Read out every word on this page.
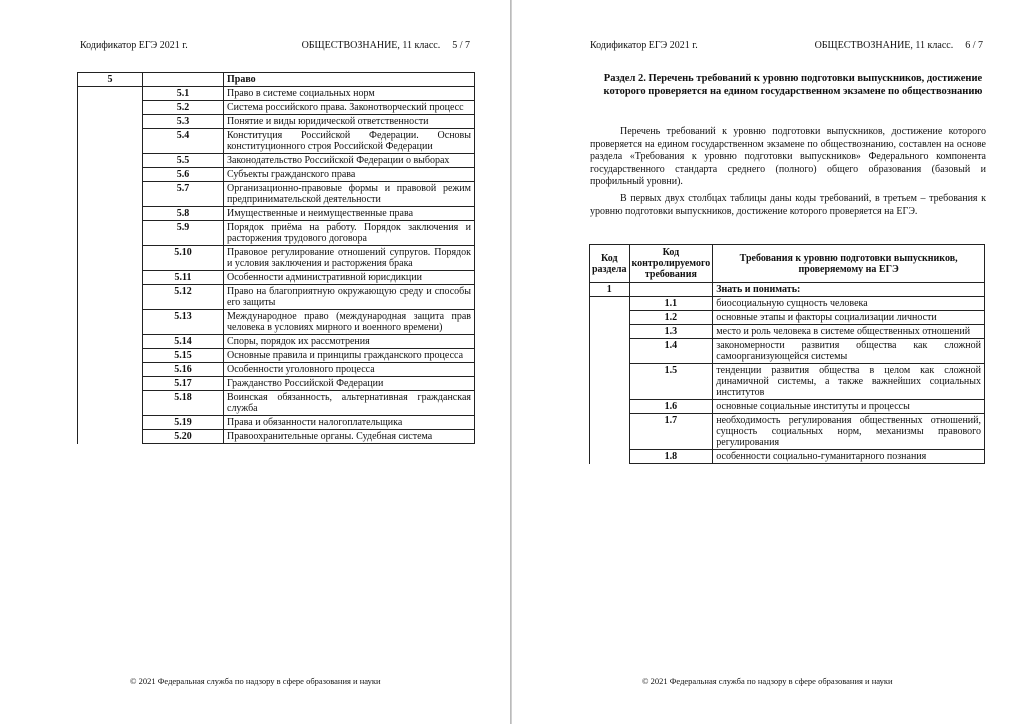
Кодификатор ЕГЭ 2021 г.	ОБЩЕСТВОЗНАНИЕ, 11 класс. 5 / 7
5		Право
	5.1	Право в системе социальных норм
	5.2	Система российского права. Законотворческий процесс
	5.3	Понятие и виды юридической ответственности
	5.4	Конституция Российской Федерации. Основы конституционного строя Российской Федерации
	5.5	Законодательство Российской Федерации о выборах
	5.6	Субъекты гражданского права
	5.7	Организационно-правовые формы и правовой режим предпринимательской деятельности
	5.8	Имущественные и неимущественные права
	5.9	Порядок приёма на работу. Порядок заключения и расторжения трудового договора
	5.10	Правовое регулирование отношений супругов. Порядок и условия заключения и расторжения брака
	5.11	Особенности административной юрисдикции
	5.12	Право на благоприятную окружающую среду и способы его защиты
	5.13	Международное право (международная защита прав человека в условиях мирного и военного времени)
	5.14	Споры, порядок их рассмотрения
	5.15	Основные правила и принципы гражданского процесса
	5.16	Особенности уголовного процесса
	5.17	Гражданство Российской Федерации
	5.18	Воинская обязанность, альтернативная гражданская служба
	5.19	Права и обязанности налогоплательщика
	5.20	Правоохранительные органы. Судебная система
© 2021 Федеральная служба по надзору в сфере образования и науки
Кодификатор ЕГЭ 2021 г.	ОБЩЕСТВОЗНАНИЕ, 11 класс. 6 / 7
Раздел 2. Перечень требований к уровню подготовки выпускников, достижение которого проверяется на едином государственном экзамене по обществознанию
Перечень требований к уровню подготовки выпускников, достижение которого проверяется на едином государственном экзамене по обществознанию, составлен на основе раздела «Требования к уровню подготовки выпускников» Федерального компонента государственного стандарта среднего (полного) общего образования (базовый и профильный уровни).
В первых двух столбцах таблицы даны коды требований, в третьем – требования к уровню подготовки выпускников, достижение которого проверяется на ЕГЭ.
Код раздела	Код контролируемого требования	Требования к уровню подготовки выпускников, проверяемому на ЕГЭ
1		Знать и понимать:
	1.1	биосоциальную сущность человека
	1.2	основные этапы и факторы социализации личности
	1.3	место и роль человека в системе общественных отношений
	1.4	закономерности развития общества как сложной самоорганизующейся системы
	1.5	тенденции развития общества в целом как сложной динамичной системы, а также важнейших социальных институтов
	1.6	основные социальные институты и процессы
	1.7	необходимость регулирования общественных отношений, сущность социальных норм, механизмы правового регулирования
	1.8	особенности социально-гуманитарного познания
© 2021 Федеральная служба по надзору в сфере образования и науки
